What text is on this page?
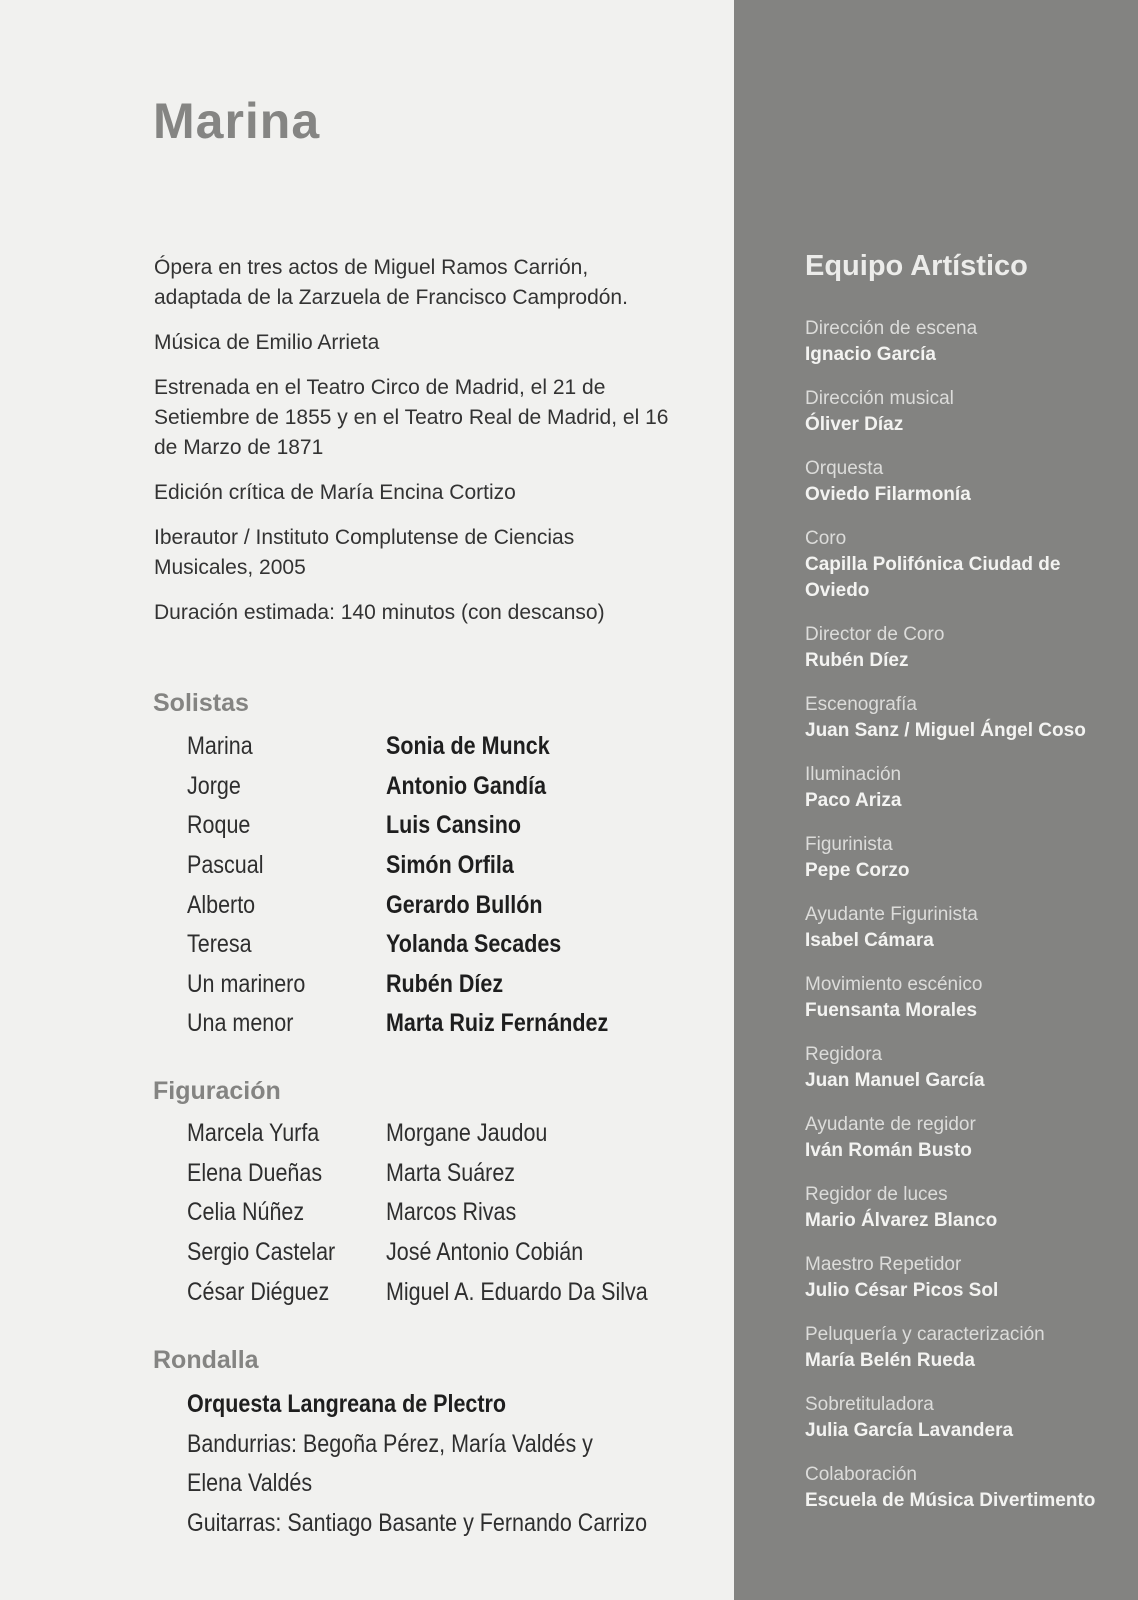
Marina

Ópera en tres actos de Miguel Ramos Carrión, adaptada de la Zarzuela de Francisco Camprodón.

Música de Emilio Arrieta

Estrenada en el Teatro Circo de Madrid, el 21 de Setiembre de 1855 y en el Teatro Real de Madrid, el 16 de Marzo de 1871

Edición crítica de María Encina Cortizo

Iberautor / Instituto Complutense de Ciencias Musicales, 2005

Duración estimada: 140 minutos (con descanso)

Solistas
Marina	Sonia de Munck
Jorge	Antonio Gandía
Roque	Luis Cansino
Pascual	Simón Orfila
Alberto	Gerardo Bullón
Teresa	Yolanda Secades
Un marinero	Rubén Díez
Una menor	Marta Ruiz Fernández
Figuración
Marcela Yurfa	Morgane Jaudou
Elena Dueñas	Marta Suárez
Celia Núñez	Marcos Rivas
Sergio Castelar	José Antonio Cobián
César Diéguez	Miguel A. Eduardo Da Silva
Rondalla
Orquesta Langreana de Plectro
Bandurrias: Begoña Pérez, María Valdés y
Elena Valdés
Guitarras: Santiago Basante y Fernando Carrizo
Equipo Artístico
Dirección de escena
Ignacio García
Dirección musical
Óliver Díaz
Orquesta
Oviedo Filarmonía
Coro
Capilla Polifónica Ciudad de Oviedo
Director de Coro
Rubén Díez
Escenografía
Juan Sanz / Miguel Ángel Coso
Iluminación
Paco Ariza
Figurinista
Pepe Corzo
Ayudante Figurinista
Isabel Cámara
Movimiento escénico
Fuensanta Morales
Regidora
Juan Manuel García
Ayudante de regidor
Iván Román Busto
Regidor de luces
Mario Álvarez Blanco
Maestro Repetidor
Julio César Picos Sol
Peluquería y caracterización
María Belén Rueda
Sobretituladora
Julia García Lavandera
Colaboración
Escuela de Música Divertimento
